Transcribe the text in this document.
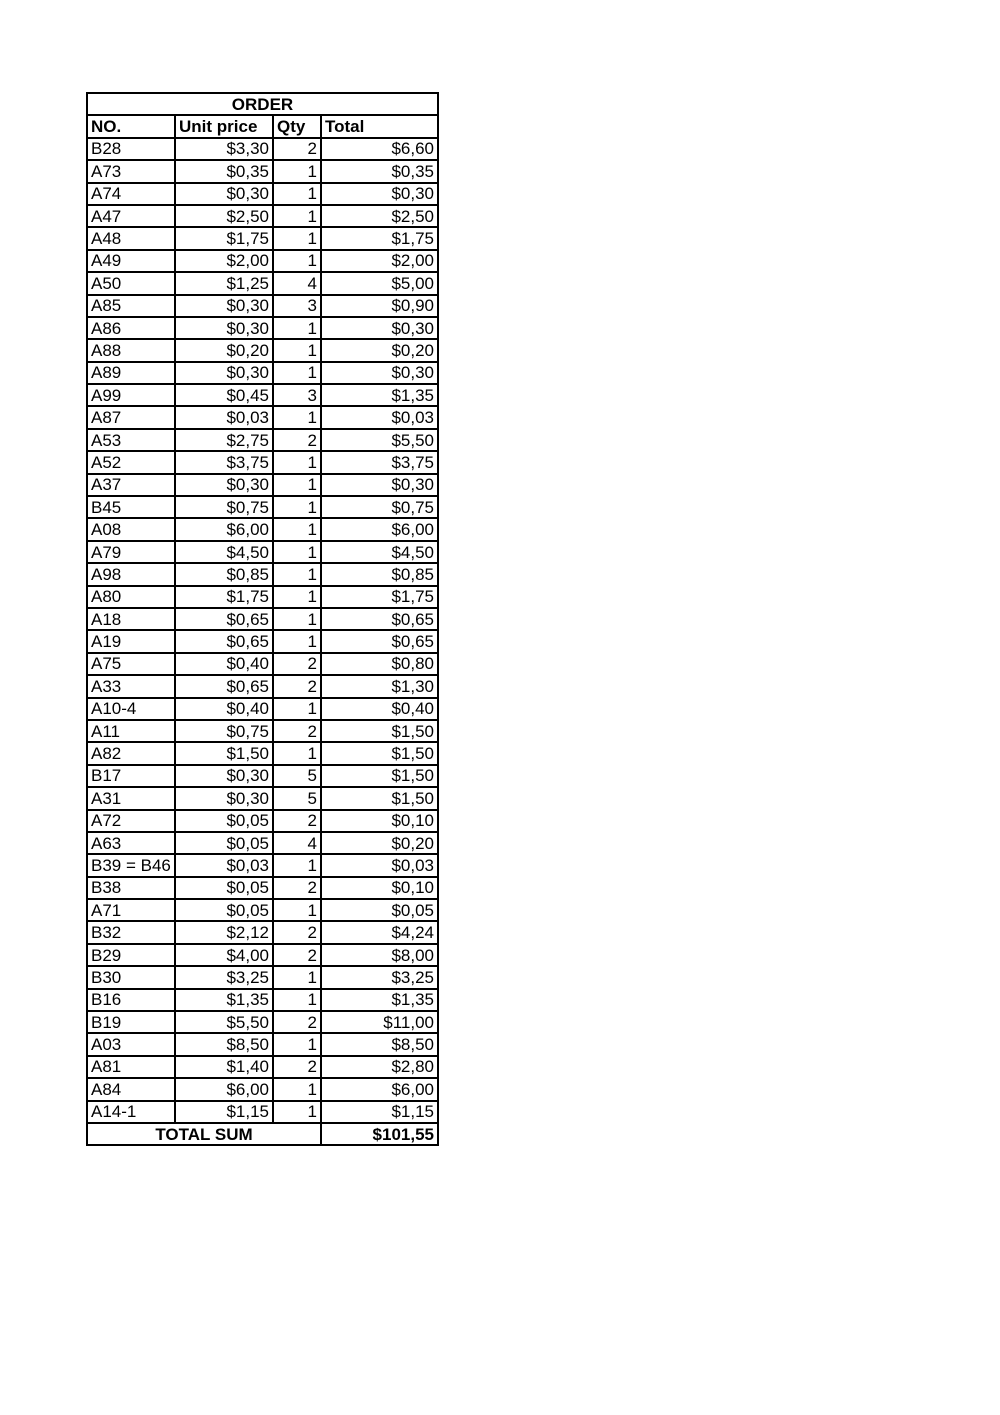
ORDER			
NO.	Unit price	Qty	Total
B28	$3,30	2	$6,60
A73	$0,35	1	$0,35
A74	$0,30	1	$0,30
A47	$2,50	1	$2,50
A48	$1,75	1	$1,75
A49	$2,00	1	$2,00
A50	$1,25	4	$5,00
A85	$0,30	3	$0,90
A86	$0,30	1	$0,30
A88	$0,20	1	$0,20
A89	$0,30	1	$0,30
A99	$0,45	3	$1,35
A87	$0,03	1	$0,03
A53	$2,75	2	$5,50
A52	$3,75	1	$3,75
A37	$0,30	1	$0,30
B45	$0,75	1	$0,75
A08	$6,00	1	$6,00
A79	$4,50	1	$4,50
A98	$0,85	1	$0,85
A80	$1,75	1	$1,75
A18	$0,65	1	$0,65
A19	$0,65	1	$0,65
A75	$0,40	2	$0,80
A33	$0,65	2	$1,30
A10-4	$0,40	1	$0,40
A11	$0,75	2	$1,50
A82	$1,50	1	$1,50
B17	$0,30	5	$1,50
A31	$0,30	5	$1,50
A72	$0,05	2	$0,10
A63	$0,05	4	$0,20
B39 = B46	$0,03	1	$0,03
B38	$0,05	2	$0,10
A71	$0,05	1	$0,05
B32	$2,12	2	$4,24
B29	$4,00	2	$8,00
B30	$3,25	1	$3,25
B16	$1,35	1	$1,35
B19	$5,50	2	$11,00
A03	$8,50	1	$8,50
A81	$1,40	2	$2,80
A84	$6,00	1	$6,00
A14-1	$1,15	1	$1,15
TOTAL SUM			$101,55
